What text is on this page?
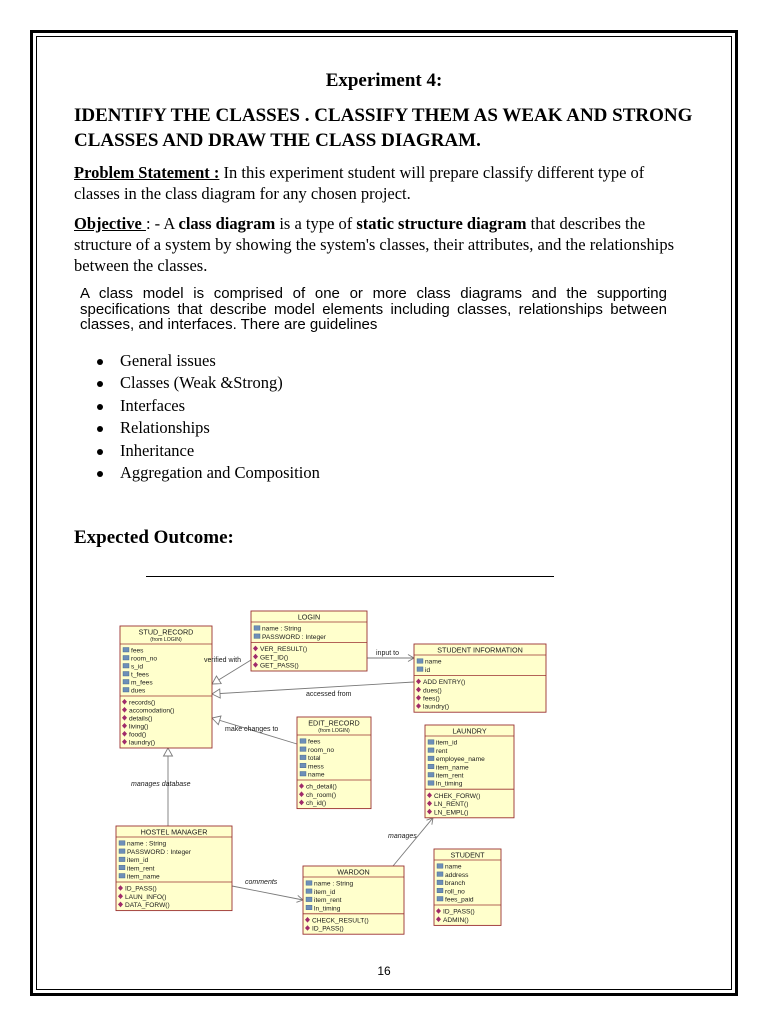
Experiment 4:
IDENTIFY THE CLASSES . CLASSIFY THEM AS WEAK AND STRONG CLASSES AND DRAW THE CLASS DIAGRAM.
Problem Statement : In this experiment student will prepare classify different type of classes in the class diagram for any chosen project.
Objective : - A class diagram is a type of static structure diagram that describes the structure of a system by showing the system's classes, their attributes, and the relationships between the classes.
A class model is comprised of one or more class diagrams and the supporting specifications that describe model elements including classes, relationships between classes, and interfaces. There are guidelines
General issues
Classes (Weak &Strong)
Interfaces
Relationships
Inheritance
Aggregation and Composition
Expected Outcome:
LOGIN
name : String
PASSWORD : Integer
VER_RESULT()
GET_ID()
GET_PASS()
STUD_RECORD
(from LOGIN)
fees
room_no
s_id
t_fees
m_fees
dues
records()
accomodation()
details()
living()
food()
laundry()
STUDENT INFORMATION
name
id
ADD ENTRY()
dues()
fees()
laundry()
EDIT_RECORD
(from LOGIN)
fees
room_no
total
mess
name
ch_detail()
ch_room()
ch_id()
LAUNDRY
item_id
rent
employee_name
item_name
item_rent
ln_timing
CHEK_FORW()
LN_RENT()
LN_EMPL()
HOSTEL MANAGER
name : String
PASSWORD : Integer
item_id
item_rent
item_name
ID_PASS()
LAUN_INFO()
DATA_FORW()
WARDON
name : String
item_id
item_rent
ln_timing
CHECK_RESULT()
ID_PASS()
STUDENT
name
address
branch
roll_no
fees_paid
ID_PASS()
ADMIN()
verified with
input to
accessed from
make changes to
manages database
manages
comments
16
